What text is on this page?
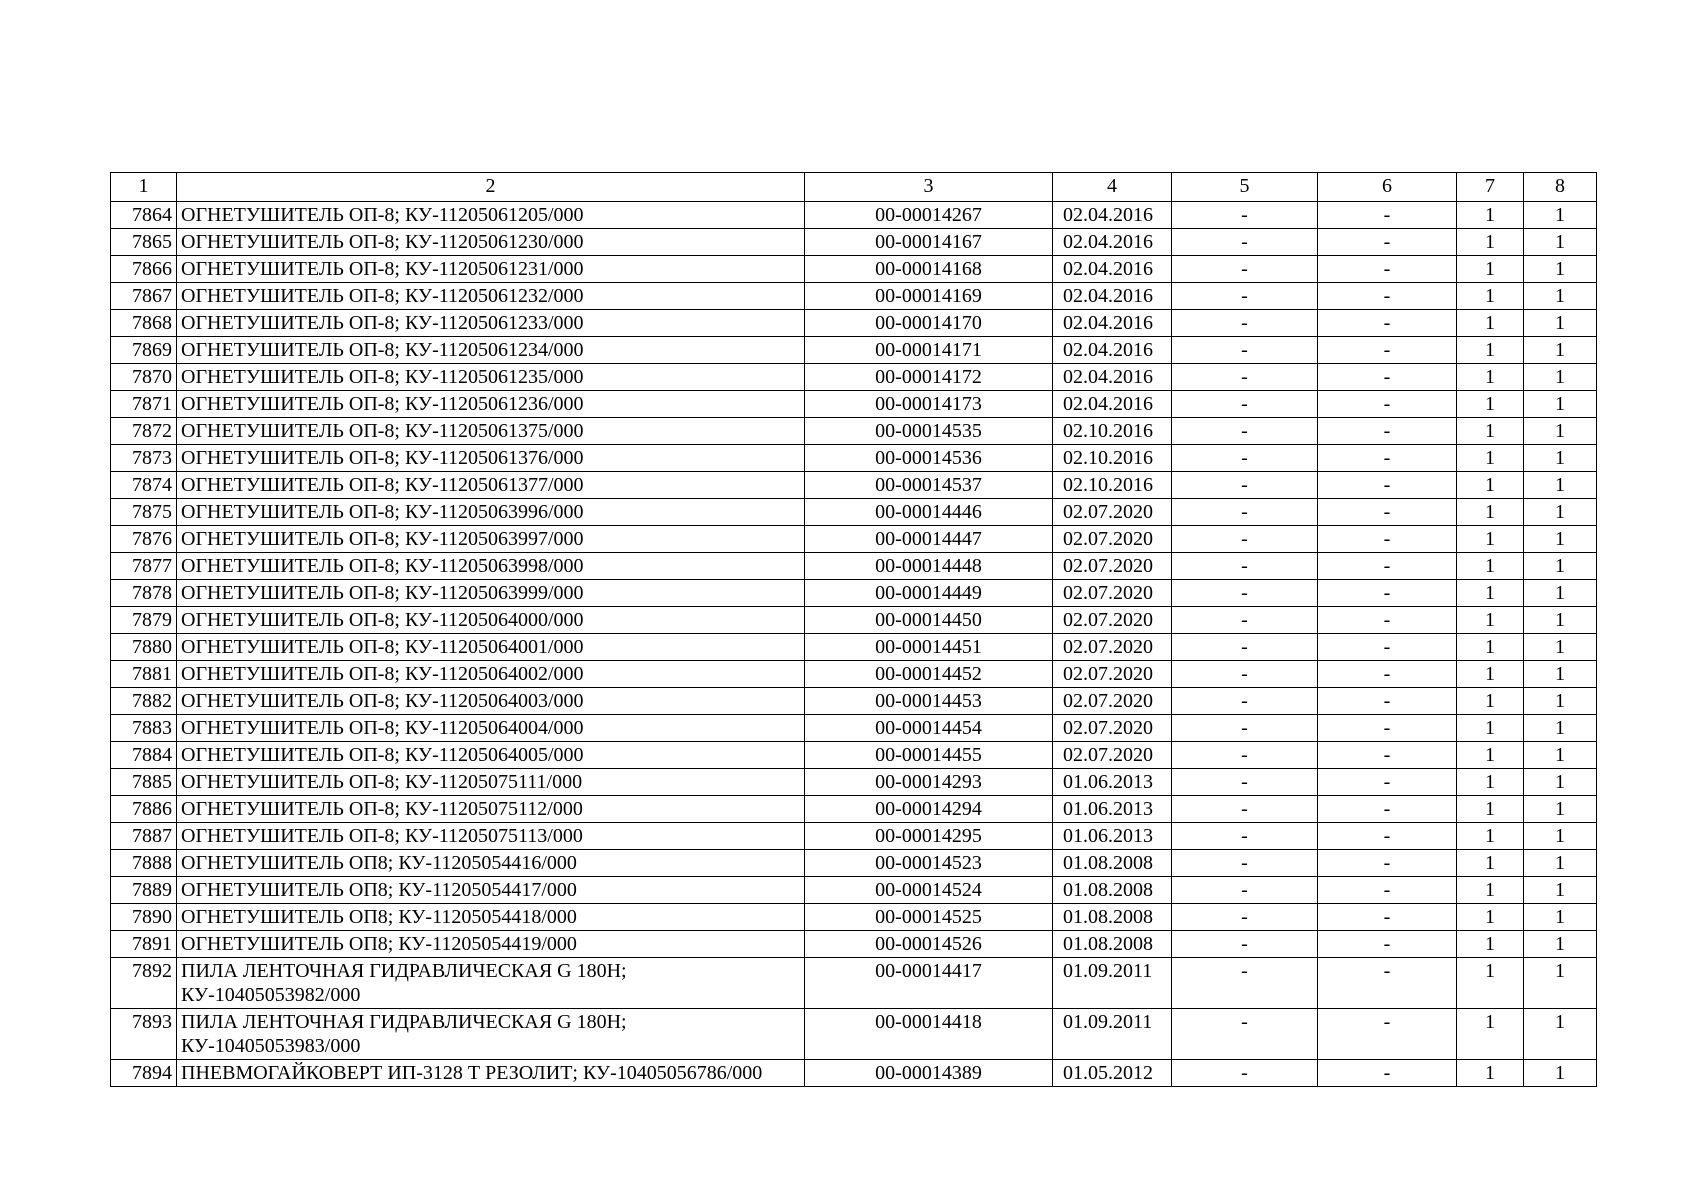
1	2	3	4	5	6	7	8
7864	ОГНЕТУШИТЕЛЬ ОП-8; КУ-11205061205/000	00-00014267	02.04.2016	-	-	1	1
7865	ОГНЕТУШИТЕЛЬ ОП-8; КУ-11205061230/000	00-00014167	02.04.2016	-	-	1	1
7866	ОГНЕТУШИТЕЛЬ ОП-8; КУ-11205061231/000	00-00014168	02.04.2016	-	-	1	1
7867	ОГНЕТУШИТЕЛЬ ОП-8; КУ-11205061232/000	00-00014169	02.04.2016	-	-	1	1
7868	ОГНЕТУШИТЕЛЬ ОП-8; КУ-11205061233/000	00-00014170	02.04.2016	-	-	1	1
7869	ОГНЕТУШИТЕЛЬ ОП-8; КУ-11205061234/000	00-00014171	02.04.2016	-	-	1	1
7870	ОГНЕТУШИТЕЛЬ ОП-8; КУ-11205061235/000	00-00014172	02.04.2016	-	-	1	1
7871	ОГНЕТУШИТЕЛЬ ОП-8; КУ-11205061236/000	00-00014173	02.04.2016	-	-	1	1
7872	ОГНЕТУШИТЕЛЬ ОП-8; КУ-11205061375/000	00-00014535	02.10.2016	-	-	1	1
7873	ОГНЕТУШИТЕЛЬ ОП-8; КУ-11205061376/000	00-00014536	02.10.2016	-	-	1	1
7874	ОГНЕТУШИТЕЛЬ ОП-8; КУ-11205061377/000	00-00014537	02.10.2016	-	-	1	1
7875	ОГНЕТУШИТЕЛЬ ОП-8; КУ-11205063996/000	00-00014446	02.07.2020	-	-	1	1
7876	ОГНЕТУШИТЕЛЬ ОП-8; КУ-11205063997/000	00-00014447	02.07.2020	-	-	1	1
7877	ОГНЕТУШИТЕЛЬ ОП-8; КУ-11205063998/000	00-00014448	02.07.2020	-	-	1	1
7878	ОГНЕТУШИТЕЛЬ ОП-8; КУ-11205063999/000	00-00014449	02.07.2020	-	-	1	1
7879	ОГНЕТУШИТЕЛЬ ОП-8; КУ-11205064000/000	00-00014450	02.07.2020	-	-	1	1
7880	ОГНЕТУШИТЕЛЬ ОП-8; КУ-11205064001/000	00-00014451	02.07.2020	-	-	1	1
7881	ОГНЕТУШИТЕЛЬ ОП-8; КУ-11205064002/000	00-00014452	02.07.2020	-	-	1	1
7882	ОГНЕТУШИТЕЛЬ ОП-8; КУ-11205064003/000	00-00014453	02.07.2020	-	-	1	1
7883	ОГНЕТУШИТЕЛЬ ОП-8; КУ-11205064004/000	00-00014454	02.07.2020	-	-	1	1
7884	ОГНЕТУШИТЕЛЬ ОП-8; КУ-11205064005/000	00-00014455	02.07.2020	-	-	1	1
7885	ОГНЕТУШИТЕЛЬ ОП-8; КУ-11205075111/000	00-00014293	01.06.2013	-	-	1	1
7886	ОГНЕТУШИТЕЛЬ ОП-8; КУ-11205075112/000	00-00014294	01.06.2013	-	-	1	1
7887	ОГНЕТУШИТЕЛЬ ОП-8; КУ-11205075113/000	00-00014295	01.06.2013	-	-	1	1
7888	ОГНЕТУШИТЕЛЬ ОП8; КУ-11205054416/000	00-00014523	01.08.2008	-	-	1	1
7889	ОГНЕТУШИТЕЛЬ ОП8; КУ-11205054417/000	00-00014524	01.08.2008	-	-	1	1
7890	ОГНЕТУШИТЕЛЬ ОП8; КУ-11205054418/000	00-00014525	01.08.2008	-	-	1	1
7891	ОГНЕТУШИТЕЛЬ ОП8; КУ-11205054419/000	00-00014526	01.08.2008	-	-	1	1
7892	ПИЛА ЛЕНТОЧНАЯ ГИДРАВЛИЧЕСКАЯ G 180H; КУ-10405053982/000	00-00014417	01.09.2011	-	-	1	1
7893	ПИЛА ЛЕНТОЧНАЯ ГИДРАВЛИЧЕСКАЯ G 180H; КУ-10405053983/000	00-00014418	01.09.2011	-	-	1	1
7894	ПНЕВМОГАЙКОВЕРТ ИП-3128 Т РЕЗОЛИТ; КУ-10405056786/000	00-00014389	01.05.2012	-	-	1	1
